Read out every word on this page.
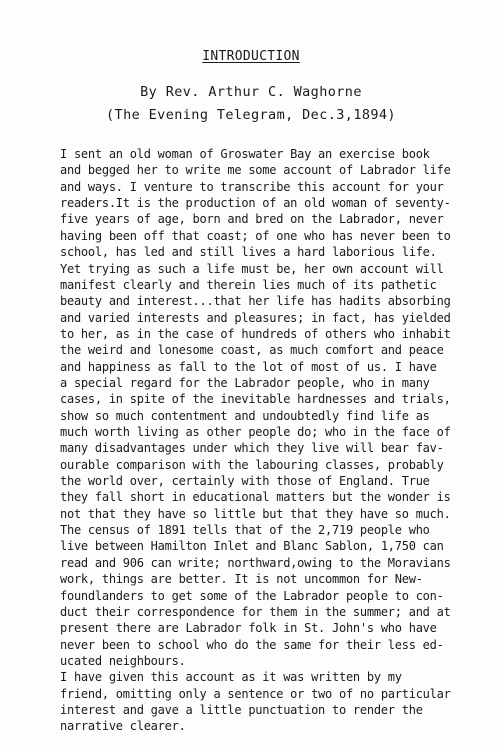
INTRODUCTION
By Rev. Arthur C. Waghorne
(The Evening Telegram, Dec.3,1894)
I sent an old woman of Groswater Bay an exercise book
and begged her to write me some account of Labrador life
and ways. I venture to transcribe this account for your
readers.It is the production of an old woman of seventy-
five years of age, born and bred on the Labrador, never
having been off that coast; of one who has never been to
school, has led and still lives a hard laborious life.
Yet trying as such a life must be, her own account will
manifest clearly and therein lies much of its pathetic
beauty and interest...that her life has hadits absorbing
and varied interests and pleasures; in fact, has yielded
to her, as in the case of hundreds of others who inhabit
the weird and lonesome coast, as much comfort and peace
and happiness as fall to the lot of most of us. I have
a special regard for the Labrador people, who in many
cases, in spite of the inevitable hardnesses and trials,
show so much contentment and undoubtedly find life as
much worth living as other people do; who in the face of
many disadvantages under which they live will bear fav-
ourable comparison with the labouring classes, probably
the world over, certainly with those of England. True
they fall short in educational matters but the wonder is
not that they have so little but that they have so much.
The census of 1891 tells that of the 2,719 people who
live between Hamilton Inlet and Blanc Sablon, 1,750 can
read and 906 can write; northward,owing to the Moravians
work, things are better. It is not uncommon for New-
foundlanders to get some of the Labrador people to con-
duct their correspondence for them in the summer; and at
present there are Labrador folk in St. John's who have
never been to school who do the same for their less ed-
ucated neighbours.
I have given this account as it was written by my
friend, omitting only a sentence or two of no particular
interest and gave a little punctuation to render the
narrative clearer.
